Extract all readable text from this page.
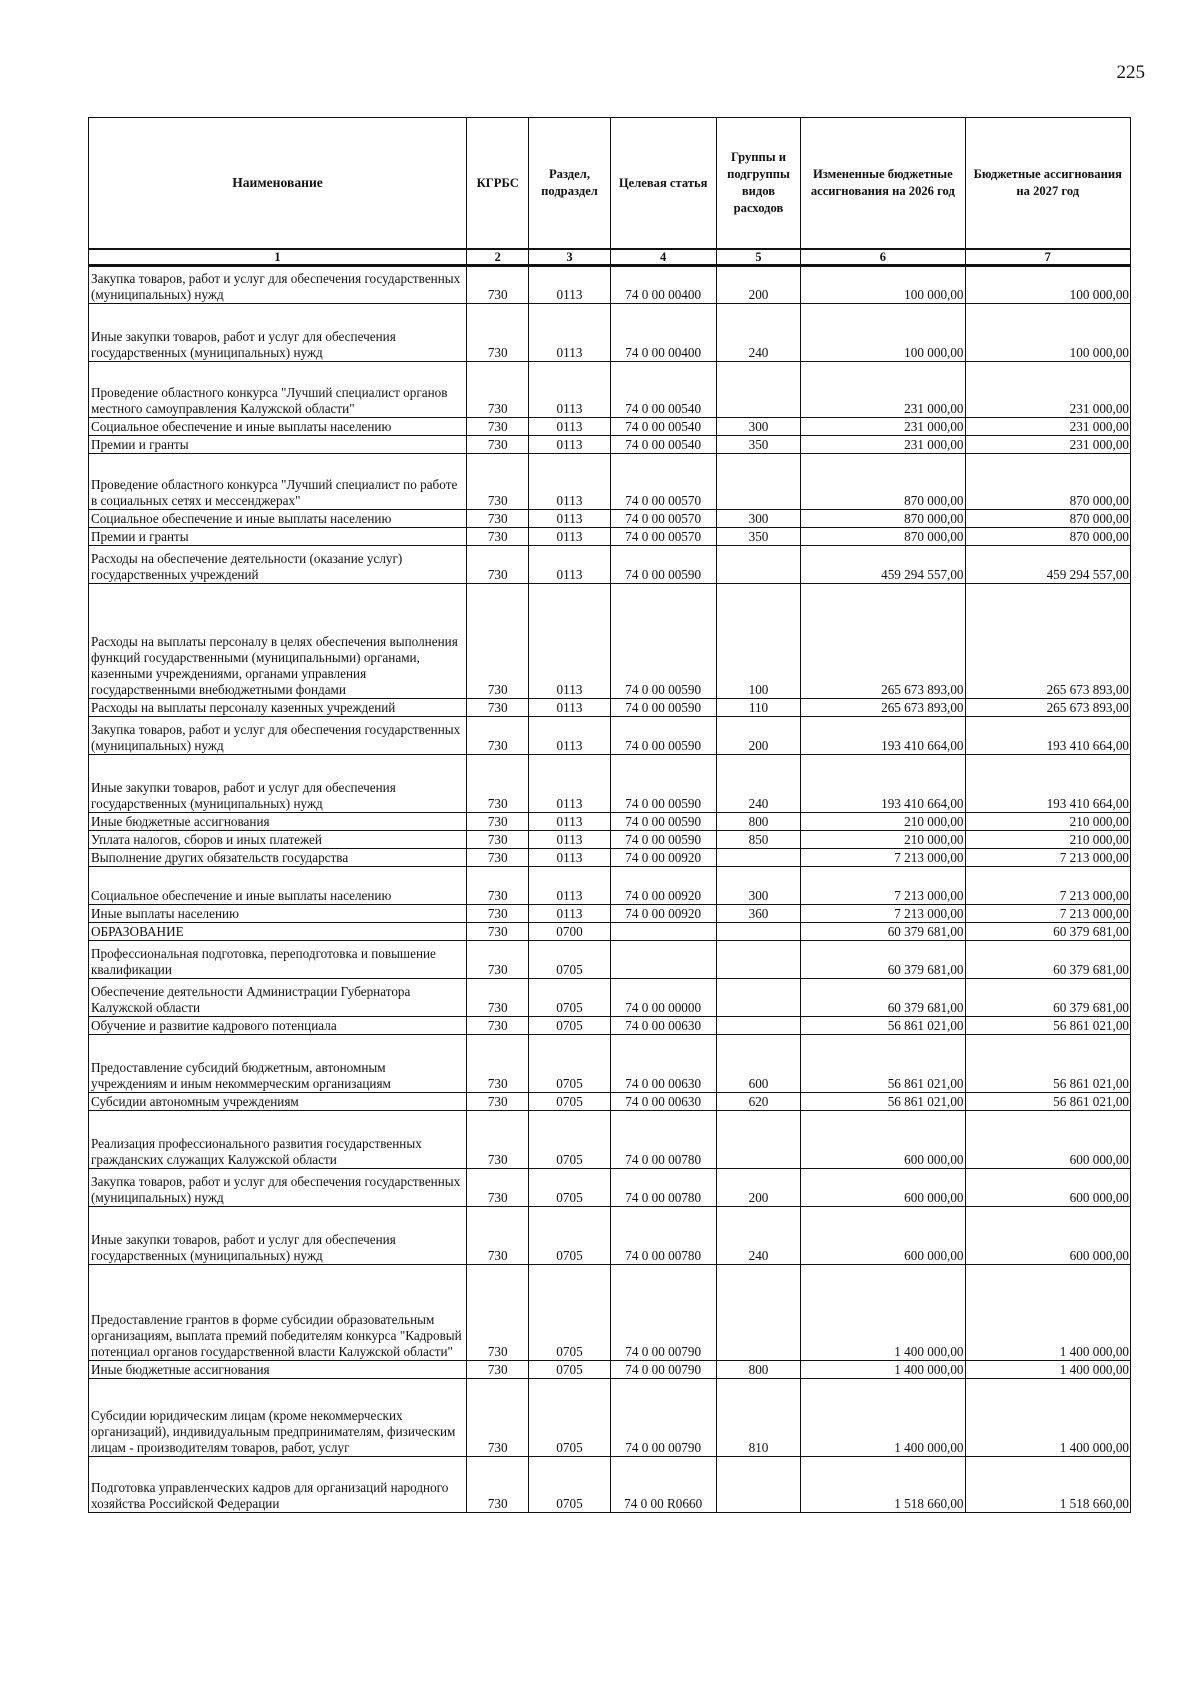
225
Наименование	КГРБС	Раздел, подраздел	Целевая статья	Группы и подгруппы видов расходов	Измененные бюджетные ассигнования на 2026 год	Бюджетные ассигнования на 2027 год
1	2	3	4	5	6	7
Закупка товаров, работ и услуг для обеспечения государственных (муниципальных) нужд	730	0113	74 0 00 00400	200	100 000,00	100 000,00
Иные закупки товаров, работ и услуг для обеспечения государственных (муниципальных) нужд	730	0113	74 0 00 00400	240	100 000,00	100 000,00
Проведение областного конкурса "Лучший специалист органов местного самоуправления Калужской области"	730	0113	74 0 00 00540		231 000,00	231 000,00
Социальное обеспечение и иные выплаты населению	730	0113	74 0 00 00540	300	231 000,00	231 000,00
Премии и гранты	730	0113	74 0 00 00540	350	231 000,00	231 000,00
Проведение областного конкурса "Лучший специалист по работе в социальных сетях и мессенджерах"	730	0113	74 0 00 00570		870 000,00	870 000,00
Социальное обеспечение и иные выплаты населению	730	0113	74 0 00 00570	300	870 000,00	870 000,00
Премии и гранты	730	0113	74 0 00 00570	350	870 000,00	870 000,00
Расходы на обеспечение деятельности (оказание услуг) государственных учреждений	730	0113	74 0 00 00590		459 294 557,00	459 294 557,00
Расходы на выплаты персоналу в целях обеспечения выполнения функций государственными (муниципальными) органами, казенными учреждениями, органами управления государственными внебюджетными фондами	730	0113	74 0 00 00590	100	265 673 893,00	265 673 893,00
Расходы на выплаты персоналу казенных учреждений	730	0113	74 0 00 00590	110	265 673 893,00	265 673 893,00
Закупка товаров, работ и услуг для обеспечения государственных (муниципальных) нужд	730	0113	74 0 00 00590	200	193 410 664,00	193 410 664,00
Иные закупки товаров, работ и услуг для обеспечения государственных (муниципальных) нужд	730	0113	74 0 00 00590	240	193 410 664,00	193 410 664,00
Иные бюджетные ассигнования	730	0113	74 0 00 00590	800	210 000,00	210 000,00
Уплата налогов, сборов и иных платежей	730	0113	74 0 00 00590	850	210 000,00	210 000,00
Выполнение других обязательств государства	730	0113	74 0 00 00920		7 213 000,00	7 213 000,00
Социальное обеспечение и иные выплаты населению	730	0113	74 0 00 00920	300	7 213 000,00	7 213 000,00
Иные выплаты населению	730	0113	74 0 00 00920	360	7 213 000,00	7 213 000,00
ОБРАЗОВАНИЕ	730	0700			60 379 681,00	60 379 681,00
Профессиональная подготовка, переподготовка и повышение квалификации	730	0705			60 379 681,00	60 379 681,00
Обеспечение деятельности Администрации Губернатора Калужской области	730	0705	74 0 00 00000		60 379 681,00	60 379 681,00
Обучение и развитие кадрового потенциала	730	0705	74 0 00 00630		56 861 021,00	56 861 021,00
Предоставление субсидий бюджетным, автономным учреждениям и иным некоммерческим организациям	730	0705	74 0 00 00630	600	56 861 021,00	56 861 021,00
Субсидии автономным учреждениям	730	0705	74 0 00 00630	620	56 861 021,00	56 861 021,00
Реализация профессионального развития государственных гражданских служащих Калужской области	730	0705	74 0 00 00780		600 000,00	600 000,00
Закупка товаров, работ и услуг для обеспечения государственных (муниципальных) нужд	730	0705	74 0 00 00780	200	600 000,00	600 000,00
Иные закупки товаров, работ и услуг для обеспечения государственных (муниципальных) нужд	730	0705	74 0 00 00780	240	600 000,00	600 000,00
Предоставление грантов в форме субсидии образовательным организациям, выплата премий победителям конкурса "Кадровый потенциал органов государственной власти Калужской области"	730	0705	74 0 00 00790		1 400 000,00	1 400 000,00
Иные бюджетные ассигнования	730	0705	74 0 00 00790	800	1 400 000,00	1 400 000,00
Субсидии юридическим лицам (кроме некоммерческих организаций), индивидуальным предпринимателям, физическим лицам - производителям товаров, работ, услуг	730	0705	74 0 00 00790	810	1 400 000,00	1 400 000,00
Подготовка управленческих кадров для организаций народного хозяйства Российской Федерации	730	0705	74 0 00 R0660		1 518 660,00	1 518 660,00
